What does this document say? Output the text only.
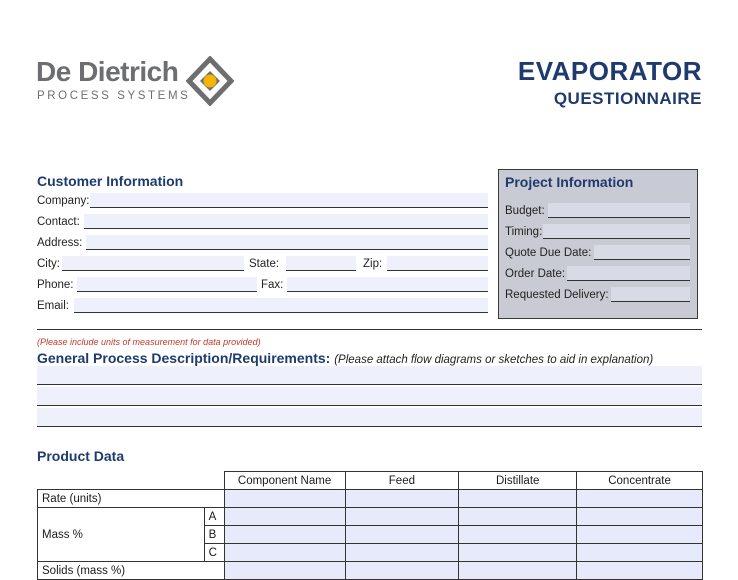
De Dietrich
PROCESS SYSTEMS
EVAPORATOR
QUESTIONNAIRE
Customer Information
Company:
Contact:
Address:
City:	State:	Zip:
Phone:	Fax:
Email:
Project Information
Budget:
Timing:
Quote Due Date:
Order Date:
Requested Delivery:
(Please include units of measurement for data provided)
General Process Description/Requirements: (Please attach flow diagrams or sketches to aid in explanation)
Product Data
		Component Name	Feed	Distillate	Concentrate
Rate (units)					
Mass %	A				
	B				
	C				
Solids (mass %)					
